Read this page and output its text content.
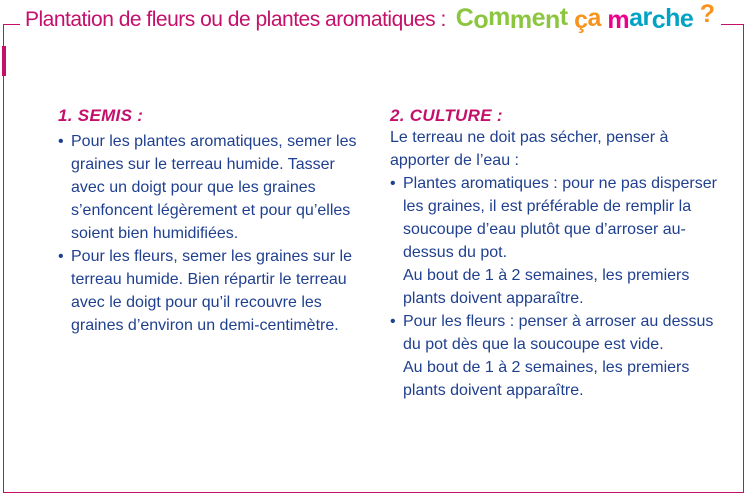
Plantation de fleurs ou de plantes aromatiques : Comment ça marche ?
1. SEMIS :

• Pour les plantes aromatiques, semer les graines sur le terreau humide. Tasser avec un doigt pour que les graines s’enfoncent légèrement et pour qu’elles soient bien humidifiées.

• Pour les fleurs, semer les graines sur le terreau humide. Bien répartir le terreau avec le doigt pour qu’il recouvre les graines d’environ un demi-centimètre.

2. CULTURE :

Le terreau ne doit pas sécher, penser à apporter de l’eau :

• Plantes aromatiques : pour ne pas disperser les graines, il est préférable de remplir la soucoupe d’eau plutôt que d’arroser au-dessus du pot.

Au bout de 1 à 2 semaines, les premiers plants doivent apparaître.

• Pour les fleurs : penser à arroser au dessus du pot dès que la soucoupe est vide.

Au bout de 1 à 2 semaines, les premiers plants doivent apparaître.
